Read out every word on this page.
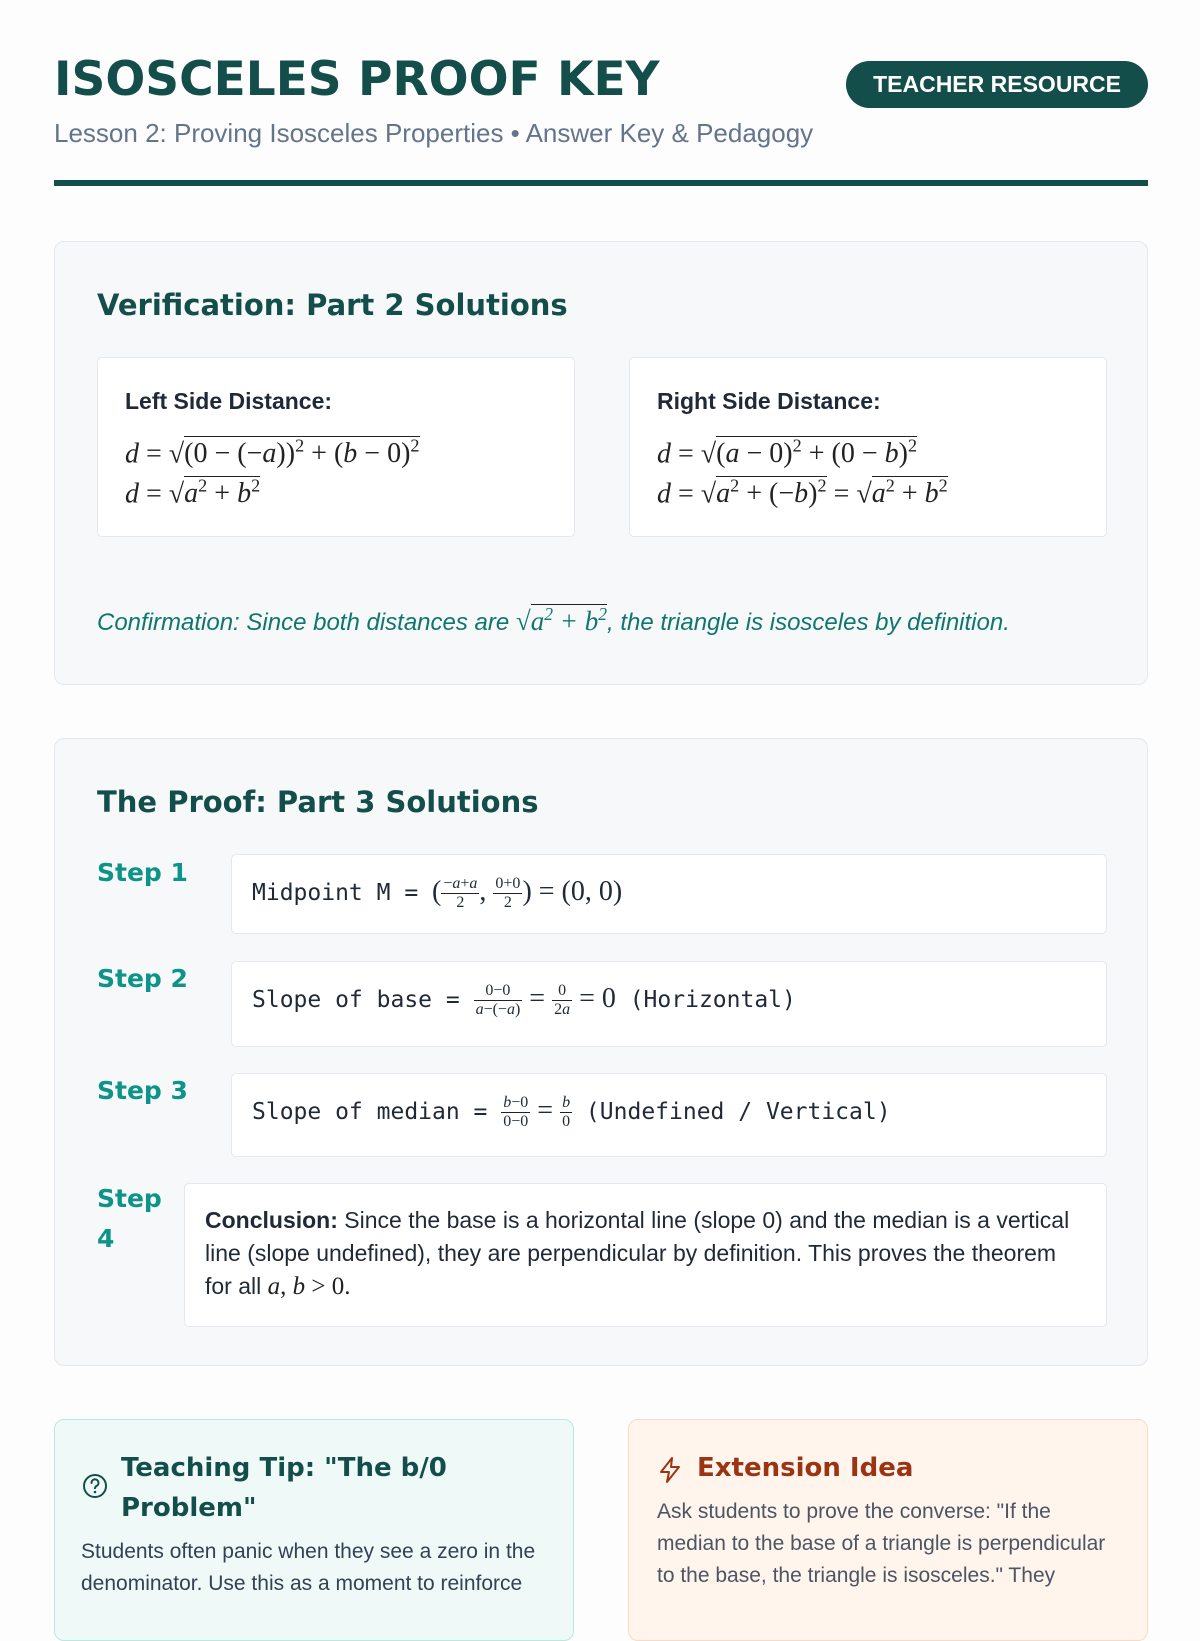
ISOSCELES PROOF KEY	TEACHER RESOURCE
Lesson 2: Proving Isosceles Properties • Answer Key & Pedagogy
Verification: Part 2 Solutions
Left Side Distance:
$d = √(0 - (-a))^2 + (b - 0)^2$
$d = √a^2 + b^2$
Right Side Distance:
$d = √(a - 0)^2 + (0 - b)^2$
$d = √a^2 + (-b)^2 = √a^2 + b^2$
Confirmation: Since both distances are $√a^2 + b^2$, the triangle is isosceles by definition.
The Proof: Part 3 Solutions
Step 1
Midpoint M = ( $\frac{-a+a}{2}$ , $\frac{0+0}{2}$ ) = (0, 0)
Step 2
Slope of base = $\frac{0-0}{a-(-a)} = \frac{0}{2a} = 0$ (Horizontal)
Step 3
Slope of median = $\frac{b-0}{0-0} = \frac{b}{0}$ (Undefined / Vertical)
Step 4
Conclusion: Since the base is a horizontal line (slope 0) and the median is a vertical line (slope undefined), they are perpendicular by definition. This proves the theorem for all a, b > 0.
Teaching Tip: "The b/0 Problem"
Students often panic when they see a zero in the denominator. Use this as a moment to reinforce
Extension Idea
Ask students to prove the converse: "If the median to the base of a triangle is perpendicular to the base, the triangle is isosceles." They
